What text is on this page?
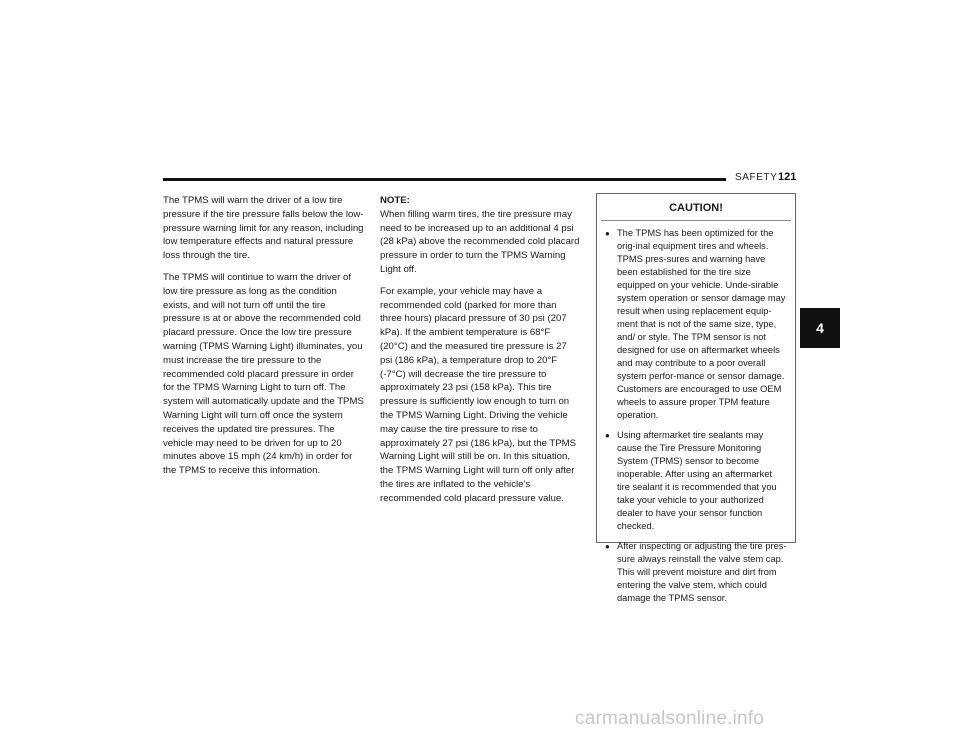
SAFETY 121

The TPMS will warn the driver of a low tire pressure if the tire pressure falls below the low-pressure warning limit for any reason, including low temperature effects and natural pressure loss through the tire.

The TPMS will continue to warn the driver of low tire pressure as long as the condition exists, and will not turn off until the tire pressure is at or above the recommended cold placard pressure. Once the low tire pressure warning (TPMS Warning Light) illuminates, you must increase the tire pressure to the recommended cold placard pressure in order for the TPMS Warning Light to turn off. The system will automatically update and the TPMS Warning Light will turn off once the system receives the updated tire pressures. The vehicle may need to be driven for up to 20 minutes above 15 mph (24 km/h) in order for the TPMS to receive this information.

NOTE:
When filling warm tires, the tire pressure may need to be increased up to an additional 4 psi (28 kPa) above the recommended cold placard pressure in order to turn the TPMS Warning Light off.

For example, your vehicle may have a recommended cold (parked for more than three hours) placard pressure of 30 psi (207 kPa). If the ambient temperature is 68°F (20°C) and the measured tire pressure is 27 psi (186 kPa), a temperature drop to 20°F (-7°C) will decrease the tire pressure to approximately 23 psi (158 kPa). This tire pressure is sufficiently low enough to turn on the TPMS Warning Light. Driving the vehicle may cause the tire pressure to rise to approximately 27 psi (186 kPa), but the TPMS Warning Light will still be on. In this situation, the TPMS Warning Light will turn off only after the tires are inflated to the vehicle’s recommended cold placard pressure value.

CAUTION!
● The TPMS has been optimized for the orig-inal equipment tires and wheels. TPMS pres-sures and warning have been established for the tire size equipped on your vehicle. Unde-sirable system operation or sensor damage may result when using replacement equip-ment that is not of the same size, type, and/ or style. The TPM sensor is not designed for use on aftermarket wheels and may contribute to a poor overall system perfor-mance or sensor damage. Customers are encouraged to use OEM wheels to assure proper TPM feature operation.
● Using aftermarket tire sealants may cause the Tire Pressure Monitoring System (TPMS) sensor to become inoperable. After using an aftermarket tire sealant it is recommended that you take your vehicle to your authorized dealer to have your sensor function checked.
● After inspecting or adjusting the tire pres-sure always reinstall the valve stem cap. This will prevent moisture and dirt from entering the valve stem, which could damage the TPMS sensor.
4
carmanualsonline.info
